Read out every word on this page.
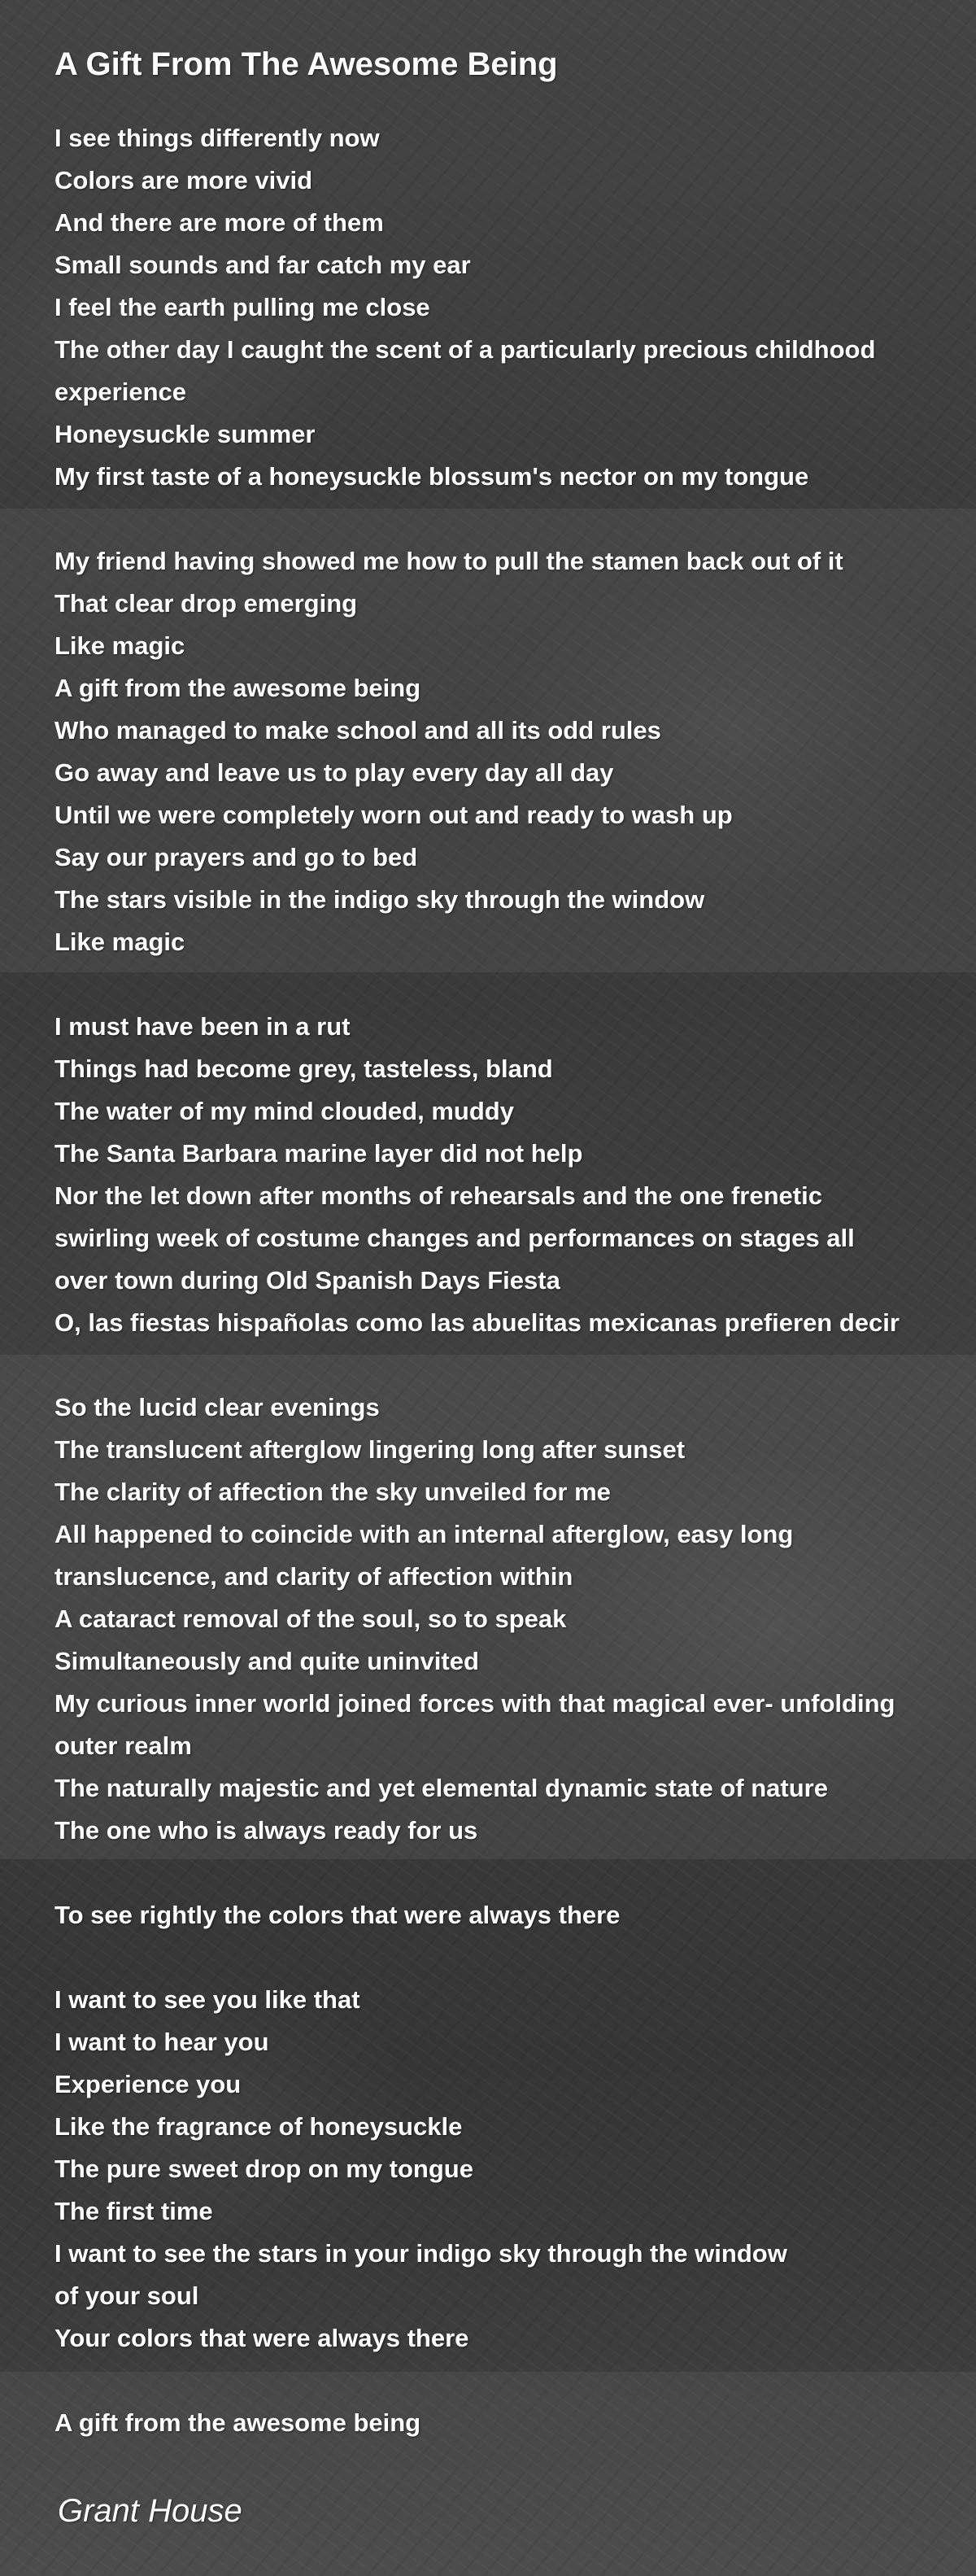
A Gift From The Awesome Being
I see things differently now
Colors are more vivid
And there are more of them
Small sounds and far catch my ear
I feel the earth pulling me close
The other day I caught the scent of a particularly precious childhood
experience
Honeysuckle summer
My first taste of a honeysuckle blossum's nector on my tongue
My friend having showed me how to pull the stamen back out of it
That clear drop emerging
Like magic
A gift from the awesome being
Who managed to make school and all its odd rules
Go away and leave us to play every day all day
Until we were completely worn out and ready to wash up
Say our prayers and go to bed
The stars visible in the indigo sky through the window
Like magic
I must have been in a rut
Things had become grey, tasteless, bland
The water of my mind clouded, muddy
The Santa Barbara marine layer did not help
Nor the let down after months of rehearsals and the one frenetic
swirling week of costume changes and performances on stages all
over town during Old Spanish Days Fiesta
O, las fiestas hispañolas como las abuelitas mexicanas prefieren decir
So the lucid clear evenings
The translucent afterglow lingering long after sunset
The clarity of affection the sky unveiled for me
All happened to coincide with an internal afterglow, easy long
translucence, and clarity of affection within
A cataract removal of the soul, so to speak
Simultaneously and quite uninvited
My curious inner world joined forces with that magical ever- unfolding
outer realm
The naturally majestic and yet elemental dynamic state of nature
The one who is always ready for us
To see rightly the colors that were always there
I want to see you like that
I want to hear you
Experience you
Like the fragrance of honeysuckle
The pure sweet drop on my tongue
The first time
I want to see the stars in your indigo sky through the window
of your soul
Your colors that were always there
A gift from the awesome being
Grant House
